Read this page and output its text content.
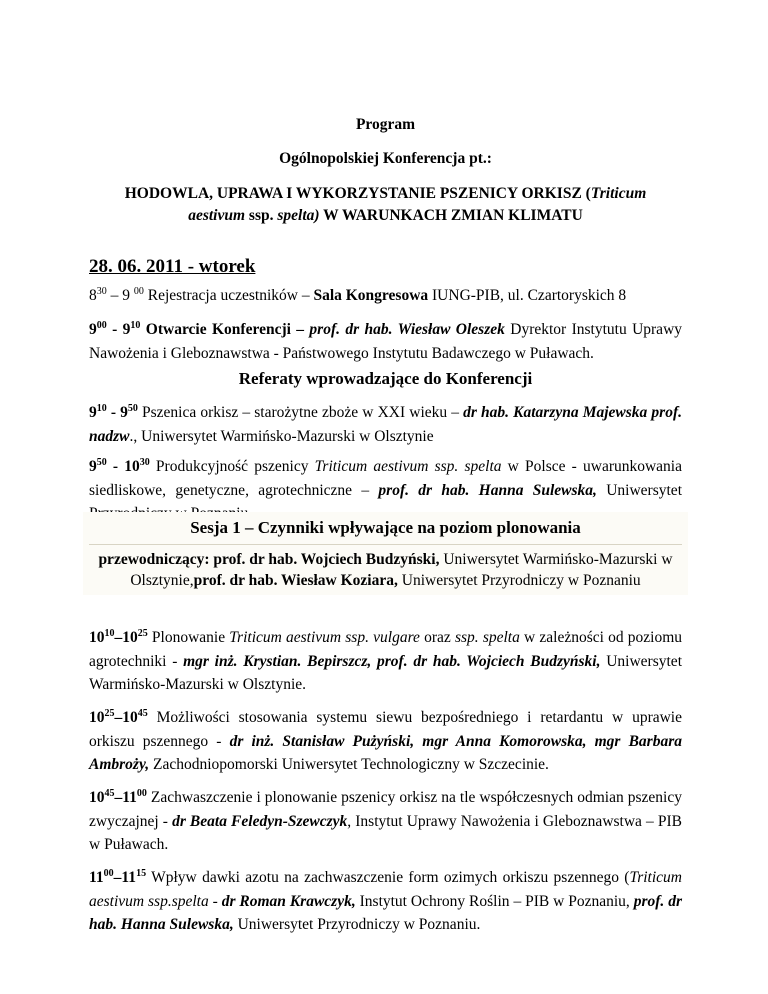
Program
Ogólnopolskiej Konferencja pt.:
HODOWLA, UPRAWA I WYKORZYSTANIE PSZENICY ORKISZ (Triticum
aestivum ssp. spelta) W WARUNKACH ZMIAN KLIMATU
28. 06. 2011 - wtorek

$8^{30} - 9$ $^{00}$ Rejestracja uczestników – Sala Kongresowa IUNG-PIB, ul. Czartoryskich 8

$9^{00} - 9^{10}$ Otwarcie Konferencji – prof. dr hab. Wiesław Oleszek Dyrektor Instytutu Uprawy Nawożenia i Gleboznawstwa - Państwowego Instytutu Badawczego w Puławach.

Referaty wprowadzające do Konferencji

$9^{10} - 9^{50}$ Pszenica orkisz – starożytne zboże w XXI wieku – dr hab. Katarzyna Majewska prof. nadzw., Uniwersytet Warmińsko-Mazurski w Olsztynie

$9^{50} - 10^{30}$ Produkcyjność pszenicy Triticum aestivum ssp. spelta w Polsce - uwarunkowania siedliskowe, genetyczne, agrotechniczne – prof. dr hab. Hanna Sulewska, Uniwersytet

Sesja 1 – Czynniki wpływające na poziom plonowania
przewodniczący: prof. dr hab. Wojciech Budzyński, Uniwersytet Warmińsko-Mazurski w Olsztynie,prof. dr hab. Wiesław Koziara, Uniwersytet Przyrodniczy w Poznaniu

$10^{10}-10^{25}$ Plonowanie Triticum aestivum ssp. vulgare oraz ssp. spelta w zależności od poziomu agrotechniki - mgr inż. Krystian. Bepirszcz, prof. dr hab. Wojciech Budzyński, Uniwersytet Warmińsko-Mazurski w Olsztynie.

$10^{25}-10^{45}$ Możliwości stosowania systemu siewu bezpośredniego i retardantu w uprawie orkiszu pszennego - dr inż. Stanisław Pużyński, mgr Anna Komorowska, mgr Barbara Ambroży, Zachodniopomorski Uniwersytet Technologiczny w Szczecinie.

$10^{45}-11^{00}$ Zachwaszczenie i plonowanie pszenicy orkisz na tle współczesnych odmian pszenicy zwyczajnej - dr Beata Feledyn-Szewczyk, Instytut Uprawy Nawożenia i Gleboznawstwa – PIB w Puławach.

$11^{00}-11^{15}$ Wpływ dawki azotu na zachwaszczenie form ozimych orkiszu pszennego (Triticum aestivum ssp.spelta - dr Roman Krawczyk, Instytut Ochrony Roślin – PIB w Poznaniu, prof. dr hab. Hanna Sulewska, Uniwersytet Przyrodniczy w Poznaniu.
